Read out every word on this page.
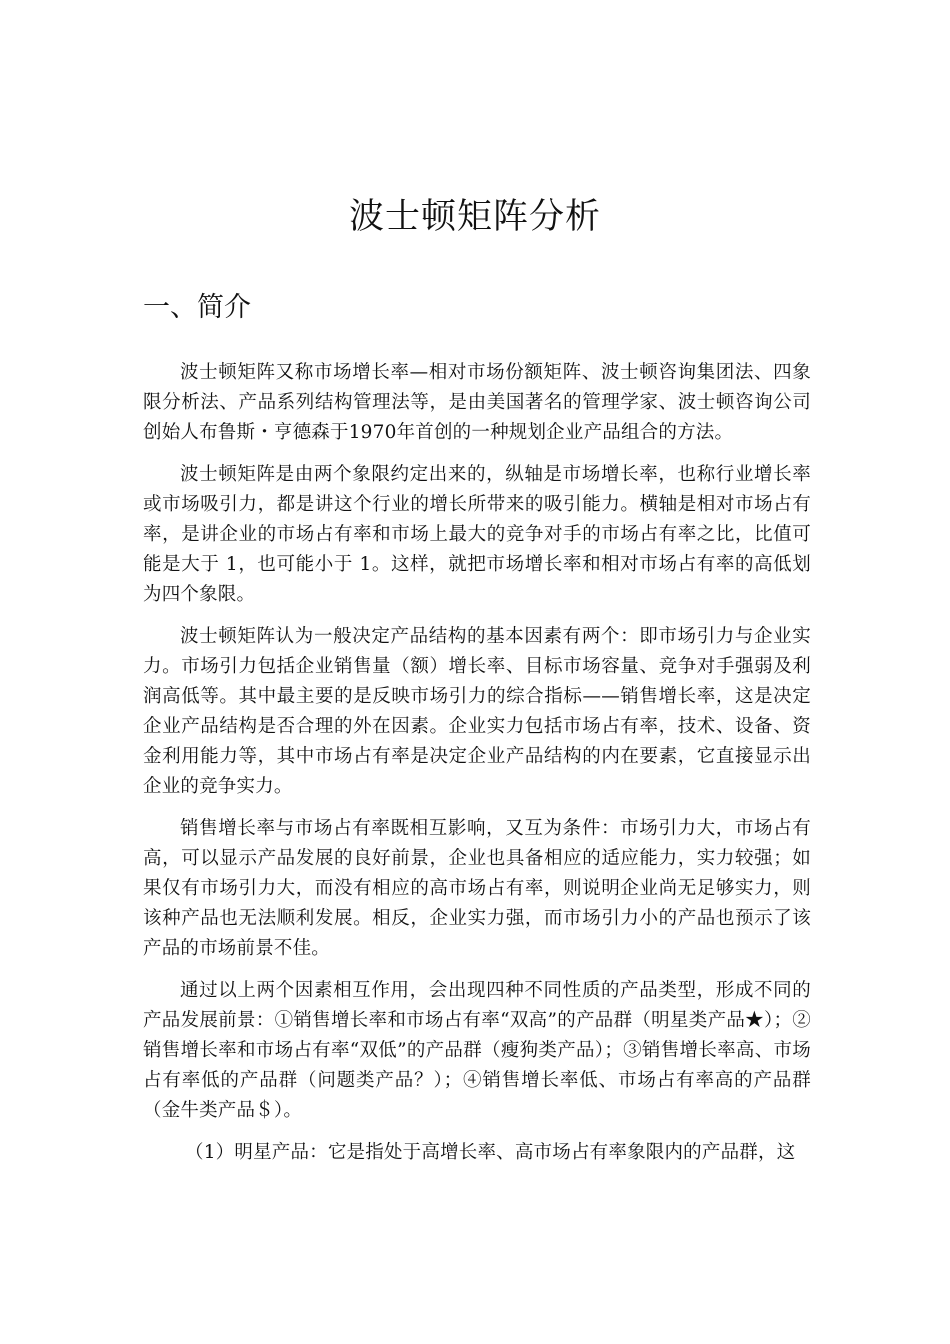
波士顿矩阵分析
一、简介

波士顿矩阵又称市场增长率—相对市场份额矩阵、波士顿咨询集团法、四象限分析法、产品系列结构管理法等，是由美国著名的管理学家、波士顿咨询公司创始人布鲁斯・亨德森于1970年首创的一种规划企业产品组合的方法。

波士顿矩阵是由两个象限约定出来的，纵轴是市场增长率，也称行业增长率或市场吸引力，都是讲这个行业的增长所带来的吸引能力。横轴是相对市场占有率，是讲企业的市场占有率和市场上最大的竞争对手的市场占有率之比，比值可能是大于 1，也可能小于 1。这样，就把市场增长率和相对市场占有率的高低划为四个象限。

波士顿矩阵认为一般决定产品结构的基本因素有两个：即市场引力与企业实力。市场引力包括企业销售量（额）增长率、目标市场容量、竞争对手强弱及利润高低等。其中最主要的是反映市场引力的综合指标——销售增长率，这是决定企业产品结构是否合理的外在因素。企业实力包括市场占有率，技术、设备、资金利用能力等，其中市场占有率是决定企业产品结构的内在要素，它直接显示出企业的竞争实力。

销售增长率与市场占有率既相互影响，又互为条件：市场引力大，市场占有高，可以显示产品发展的良好前景，企业也具备相应的适应能力，实力较强；如果仅有市场引力大，而没有相应的高市场占有率，则说明企业尚无足够实力，则该种产品也无法顺利发展。相反，企业实力强，而市场引力小的产品也预示了该产品的市场前景不佳。

通过以上两个因素相互作用，会出现四种不同性质的产品类型，形成不同的产品发展前景：①销售增长率和市场占有率“双高”的产品群（明星类产品★）；②销售增长率和市场占有率“双低”的产品群（瘦狗类产品）；③销售增长率高、市场占有率低的产品群（问题类产品？）；④销售增长率低、市场占有率高的产品群（金牛类产品＄）。

（1）明星产品：它是指处于高增长率、高市场占有率象限内的产品群，这
